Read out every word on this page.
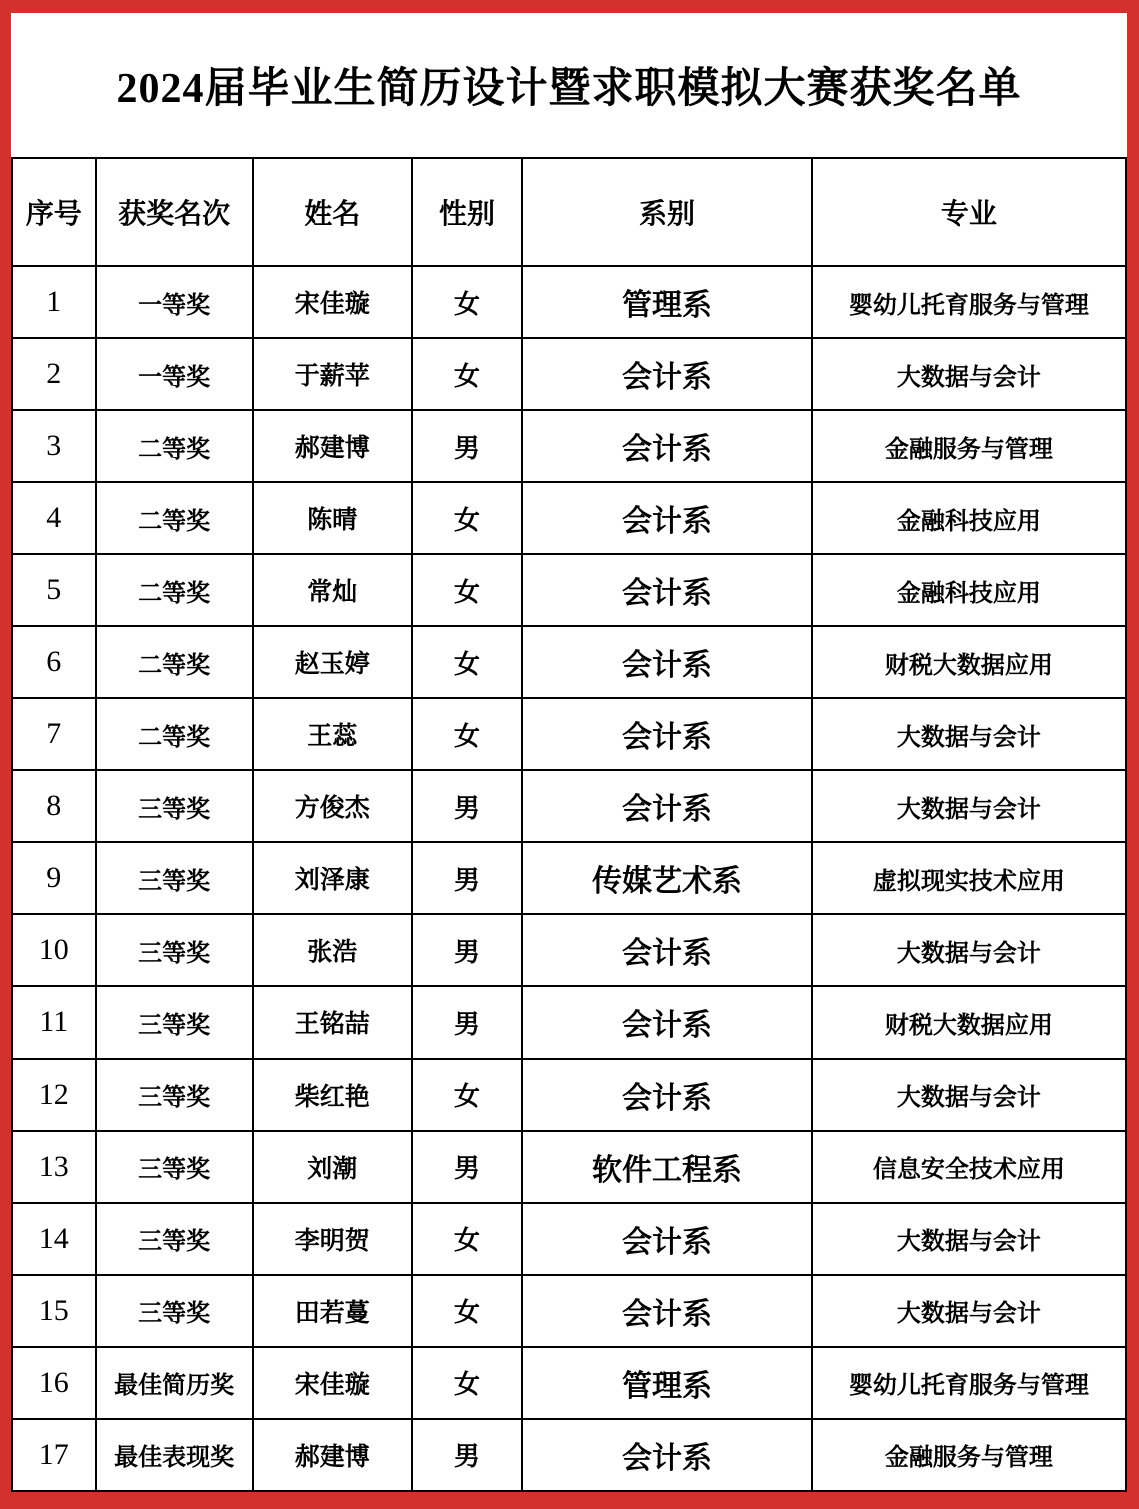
2024届毕业生简历设计暨求职模拟大赛获奖名单
序号	获奖名次	姓名	性别	系别	专业
1	一等奖	宋佳璇	女	管理系	婴幼儿托育服务与管理
2	一等奖	于薪苹	女	会计系	大数据与会计
3	二等奖	郝建博	男	会计系	金融服务与管理
4	二等奖	陈晴	女	会计系	金融科技应用
5	二等奖	常灿	女	会计系	金融科技应用
6	二等奖	赵玉婷	女	会计系	财税大数据应用
7	二等奖	王蕊	女	会计系	大数据与会计
8	三等奖	方俊杰	男	会计系	大数据与会计
9	三等奖	刘泽康	男	传媒艺术系	虚拟现实技术应用
10	三等奖	张浩	男	会计系	大数据与会计
11	三等奖	王铭喆	男	会计系	财税大数据应用
12	三等奖	柴红艳	女	会计系	大数据与会计
13	三等奖	刘潮	男	软件工程系	信息安全技术应用
14	三等奖	李明贺	女	会计系	大数据与会计
15	三等奖	田若蔓	女	会计系	大数据与会计
16	最佳简历奖	宋佳璇	女	管理系	婴幼儿托育服务与管理
17	最佳表现奖	郝建博	男	会计系	金融服务与管理
